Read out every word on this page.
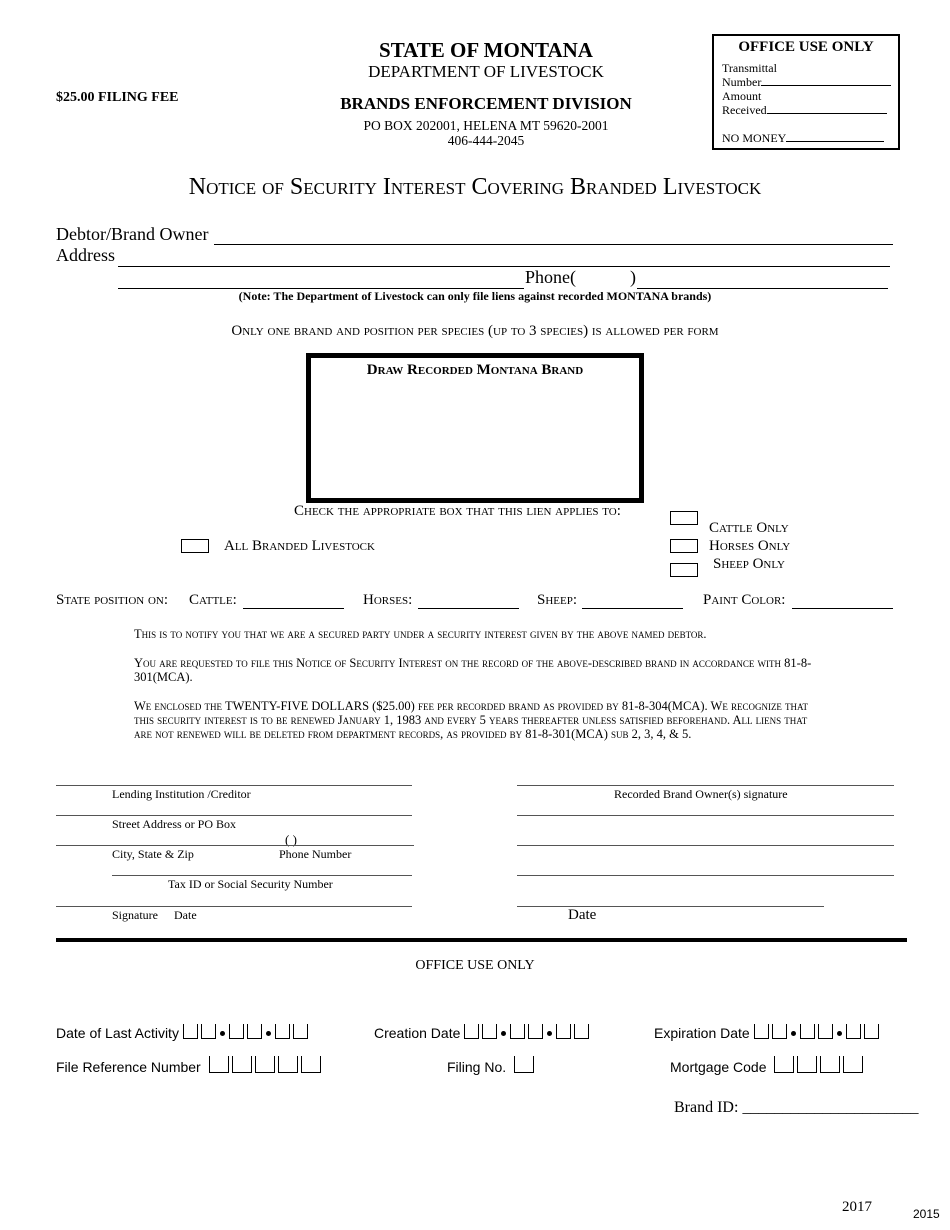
$25.00 FILING FEE
STATE OF MONTANA
DEPARTMENT OF LIVESTOCK
BRANDS ENFORCEMENT DIVISION
PO BOX 202001, HELENA MT 59620-2001
406-444-2045
OFFICE USE ONLY
Transmittal
Number
Amount
Received
NO MONEY
Notice of Security Interest Covering Branded Livestock
Debtor/Brand Owner
Address
Phone(	)
(Note: The Department of Livestock can only file liens against recorded MONTANA brands)
Only one brand and position per species (up to 3 species) is allowed per form
Draw Recorded Montana Brand
Check the appropriate box that this lien applies to:
All Branded Livestock
Cattle Only
Horses Only
Sheep Only
State position on: Cattle:	Horses:	Sheep:	Paint Color:
This is to notify you that we are a secured party under a security interest given by the above named debtor.
You are requested to file this Notice of Security Interest on the record of the above-described brand in accordance with 81-8-301(MCA).
We enclosed the TWENTY-FIVE DOLLARS ($25.00) fee per recorded brand as provided by 81-8-304(MCA). We recognize that this security interest is to be renewed January 1, 1983 and every 5 years thereafter unless satisfied beforehand. All liens that are not renewed will be deleted from department records, as provided by 81-8-301(MCA) sub 2, 3, 4, & 5.
Lending Institution /Creditor
Street Address or PO Box
( )
City, State & Zip	Phone Number
Tax ID or Social Security Number
Signature Date
Recorded Brand Owner(s) signature
Date
OFFICE USE ONLY
Date of Last Activity	Creation Date	Expiration Date
File Reference Number	Filing No.	Mortgage Code
Brand ID: ______________________
2017	2015
